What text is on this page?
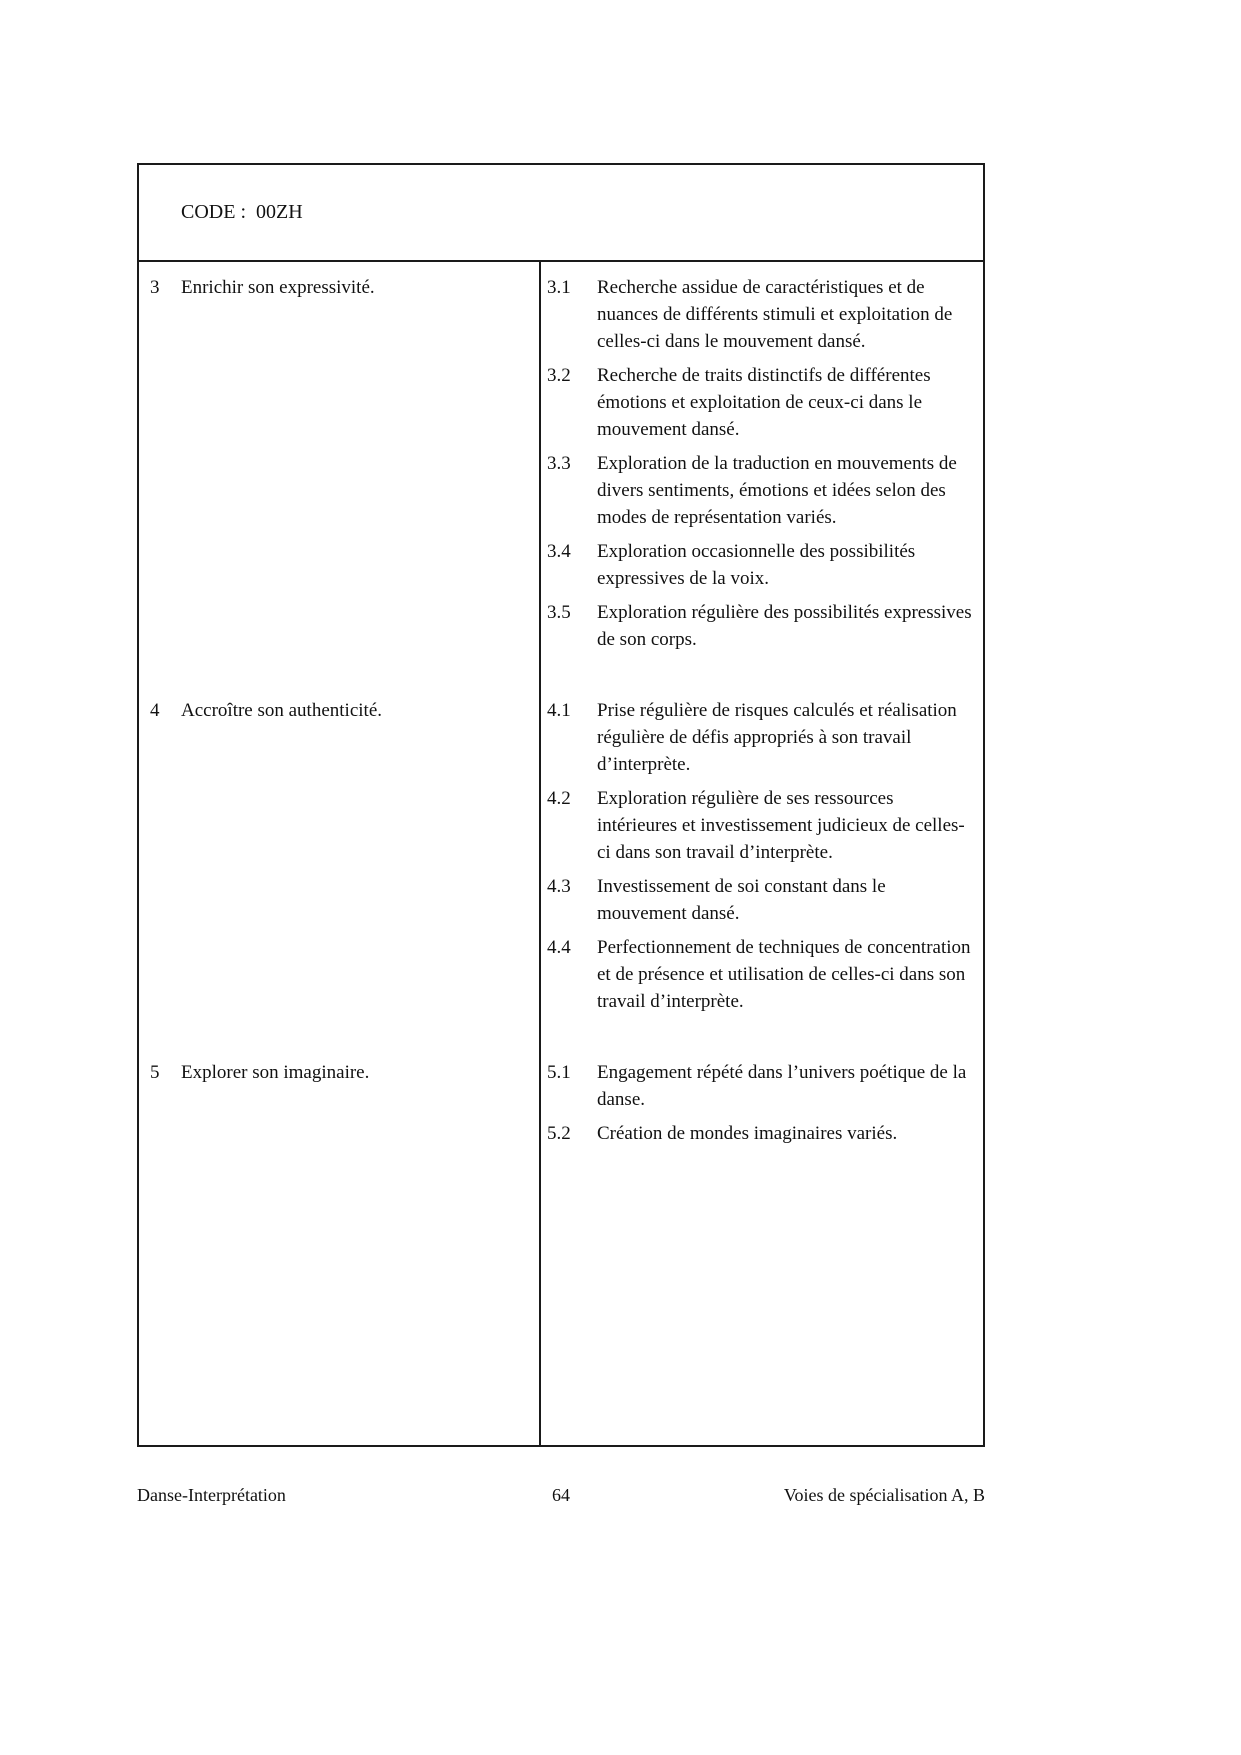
CODE :  00ZH

3	Enrichir son expressivité.	3.1	Recherche assidue de caractéristiques et de nuances de différents stimuli et exploitation de celles-ci dans le mouvement dansé.
3.2	Recherche de traits distinctifs de différentes émotions et exploitation de ceux-ci dans le mouvement dansé.
3.3	Exploration de la traduction en mouvements de divers sentiments, émotions et idées selon des modes de représentation variés.
3.4	Exploration occasionnelle des possibilités expressives de la voix.
3.5	Exploration régulière des possibilités expressives de son corps.
4	Accroître son authenticité.	4.1	Prise régulière de risques calculés et réalisation régulière de défis appropriés à son travail d’interprète.
4.2	Exploration régulière de ses ressources intérieures et investissement judicieux de celles-ci dans son travail d’interprète.
4.3	Investissement de soi constant dans le mouvement dansé.
4.4	Perfectionnement de techniques de concentration et de présence et utilisation de celles-ci dans son travail d’interprète.
5	Explorer son imaginaire.	5.1	Engagement répété dans l’univers poétique de la danse.
5.2	Création de mondes imaginaires variés.
Danse-Interprétation	64	Voies de spécialisation A, B
